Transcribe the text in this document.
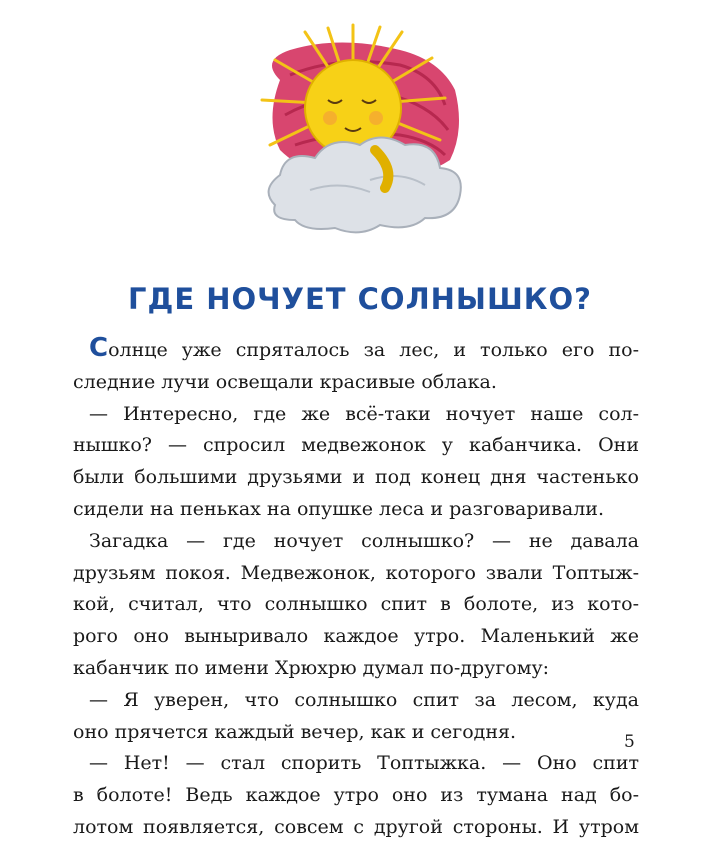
ГДЕ НОЧУЕТ СОЛНЫШКО?
Солнце уже спряталось за лес, и только его по-
следние лучи освещали красивые облака.
— Интересно, где же всё-таки ночует наше сол-
нышко? — спросил медвежонок у кабанчика. Они
были большими друзьями и под конец дня частенько
сидели на пеньках на опушке леса и разговаривали.
Загадка — где ночует солнышко? — не давала
друзьям покоя. Медвежонок, которого звали Топтыж-
кой, считал, что солнышко спит в болоте, из кото-
рого оно выныривало каждое утро. Маленький же
кабанчик по имени Хрюхрю думал по-другому:
— Я уверен, что солнышко спит за лесом, куда
оно прячется каждый вечер, как и сегодня.
— Нет! — стал спорить Топтыжка. — Оно спит
в болоте! Ведь каждое утро оно из тумана над бо-
лотом появляется, совсем с другой стороны. И утром
5
